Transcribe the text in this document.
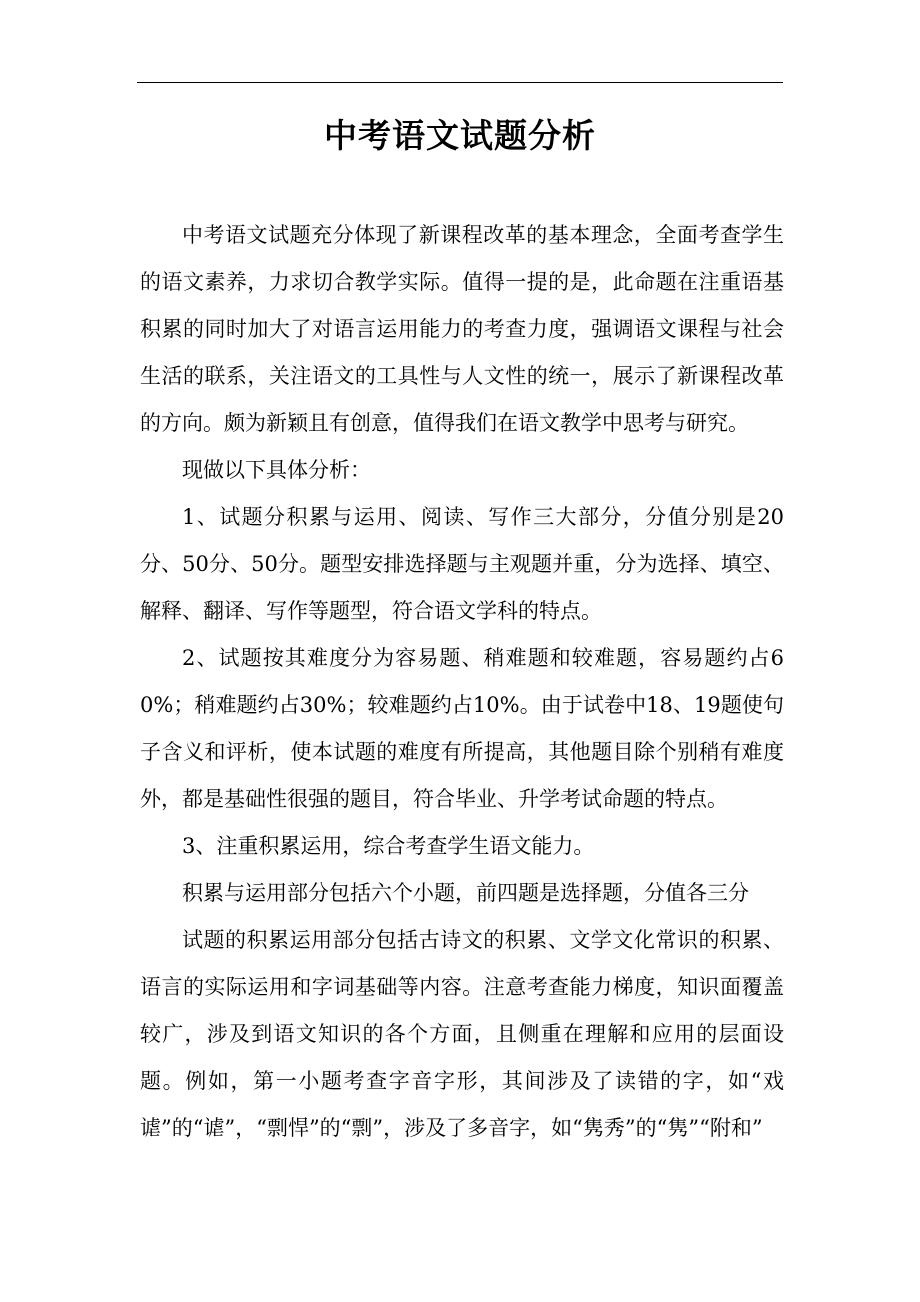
中考语文试题分析

中考语文试题充分体现了新课程改革的基本理念，全面考查学生的语文素养，力求切合教学实际。值得一提的是，此命题在注重语基积累的同时加大了对语言运用能力的考查力度，强调语文课程与社会生活的联系，关注语文的工具性与人文性的统一，展示了新课程改革的方向。颇为新颖且有创意，值得我们在语文教学中思考与研究。

现做以下具体分析：

1、试题分积累与运用、阅读、写作三大部分，分值分别是20分、50分、50分。题型安排选择题与主观题并重，分为选择、填空、解释、翻译、写作等题型，符合语文学科的特点。

2、试题按其难度分为容易题、稍难题和较难题，容易题约占60%；稍难题约占30%；较难题约占10%。由于试卷中18、19题使句子含义和评析，使本试题的难度有所提高，其他题目除个别稍有难度外，都是基础性很强的题目，符合毕业、升学考试命题的特点。

3、注重积累运用，综合考查学生语文能力。

积累与运用部分包括六个小题，前四题是选择题，分值各三分

试题的积累运用部分包括古诗文的积累、文学文化常识的积累、语言的实际运用和字词基础等内容。注意考查能力梯度，知识面覆盖较广，涉及到语文知识的各个方面，且侧重在理解和应用的层面设题。例如，第一小题考查字音字形，其间涉及了读错的字，如“戏谑”的“谑”，“剽悍”的“剽”，涉及了多音字，如“隽秀”的“隽”“附和”
